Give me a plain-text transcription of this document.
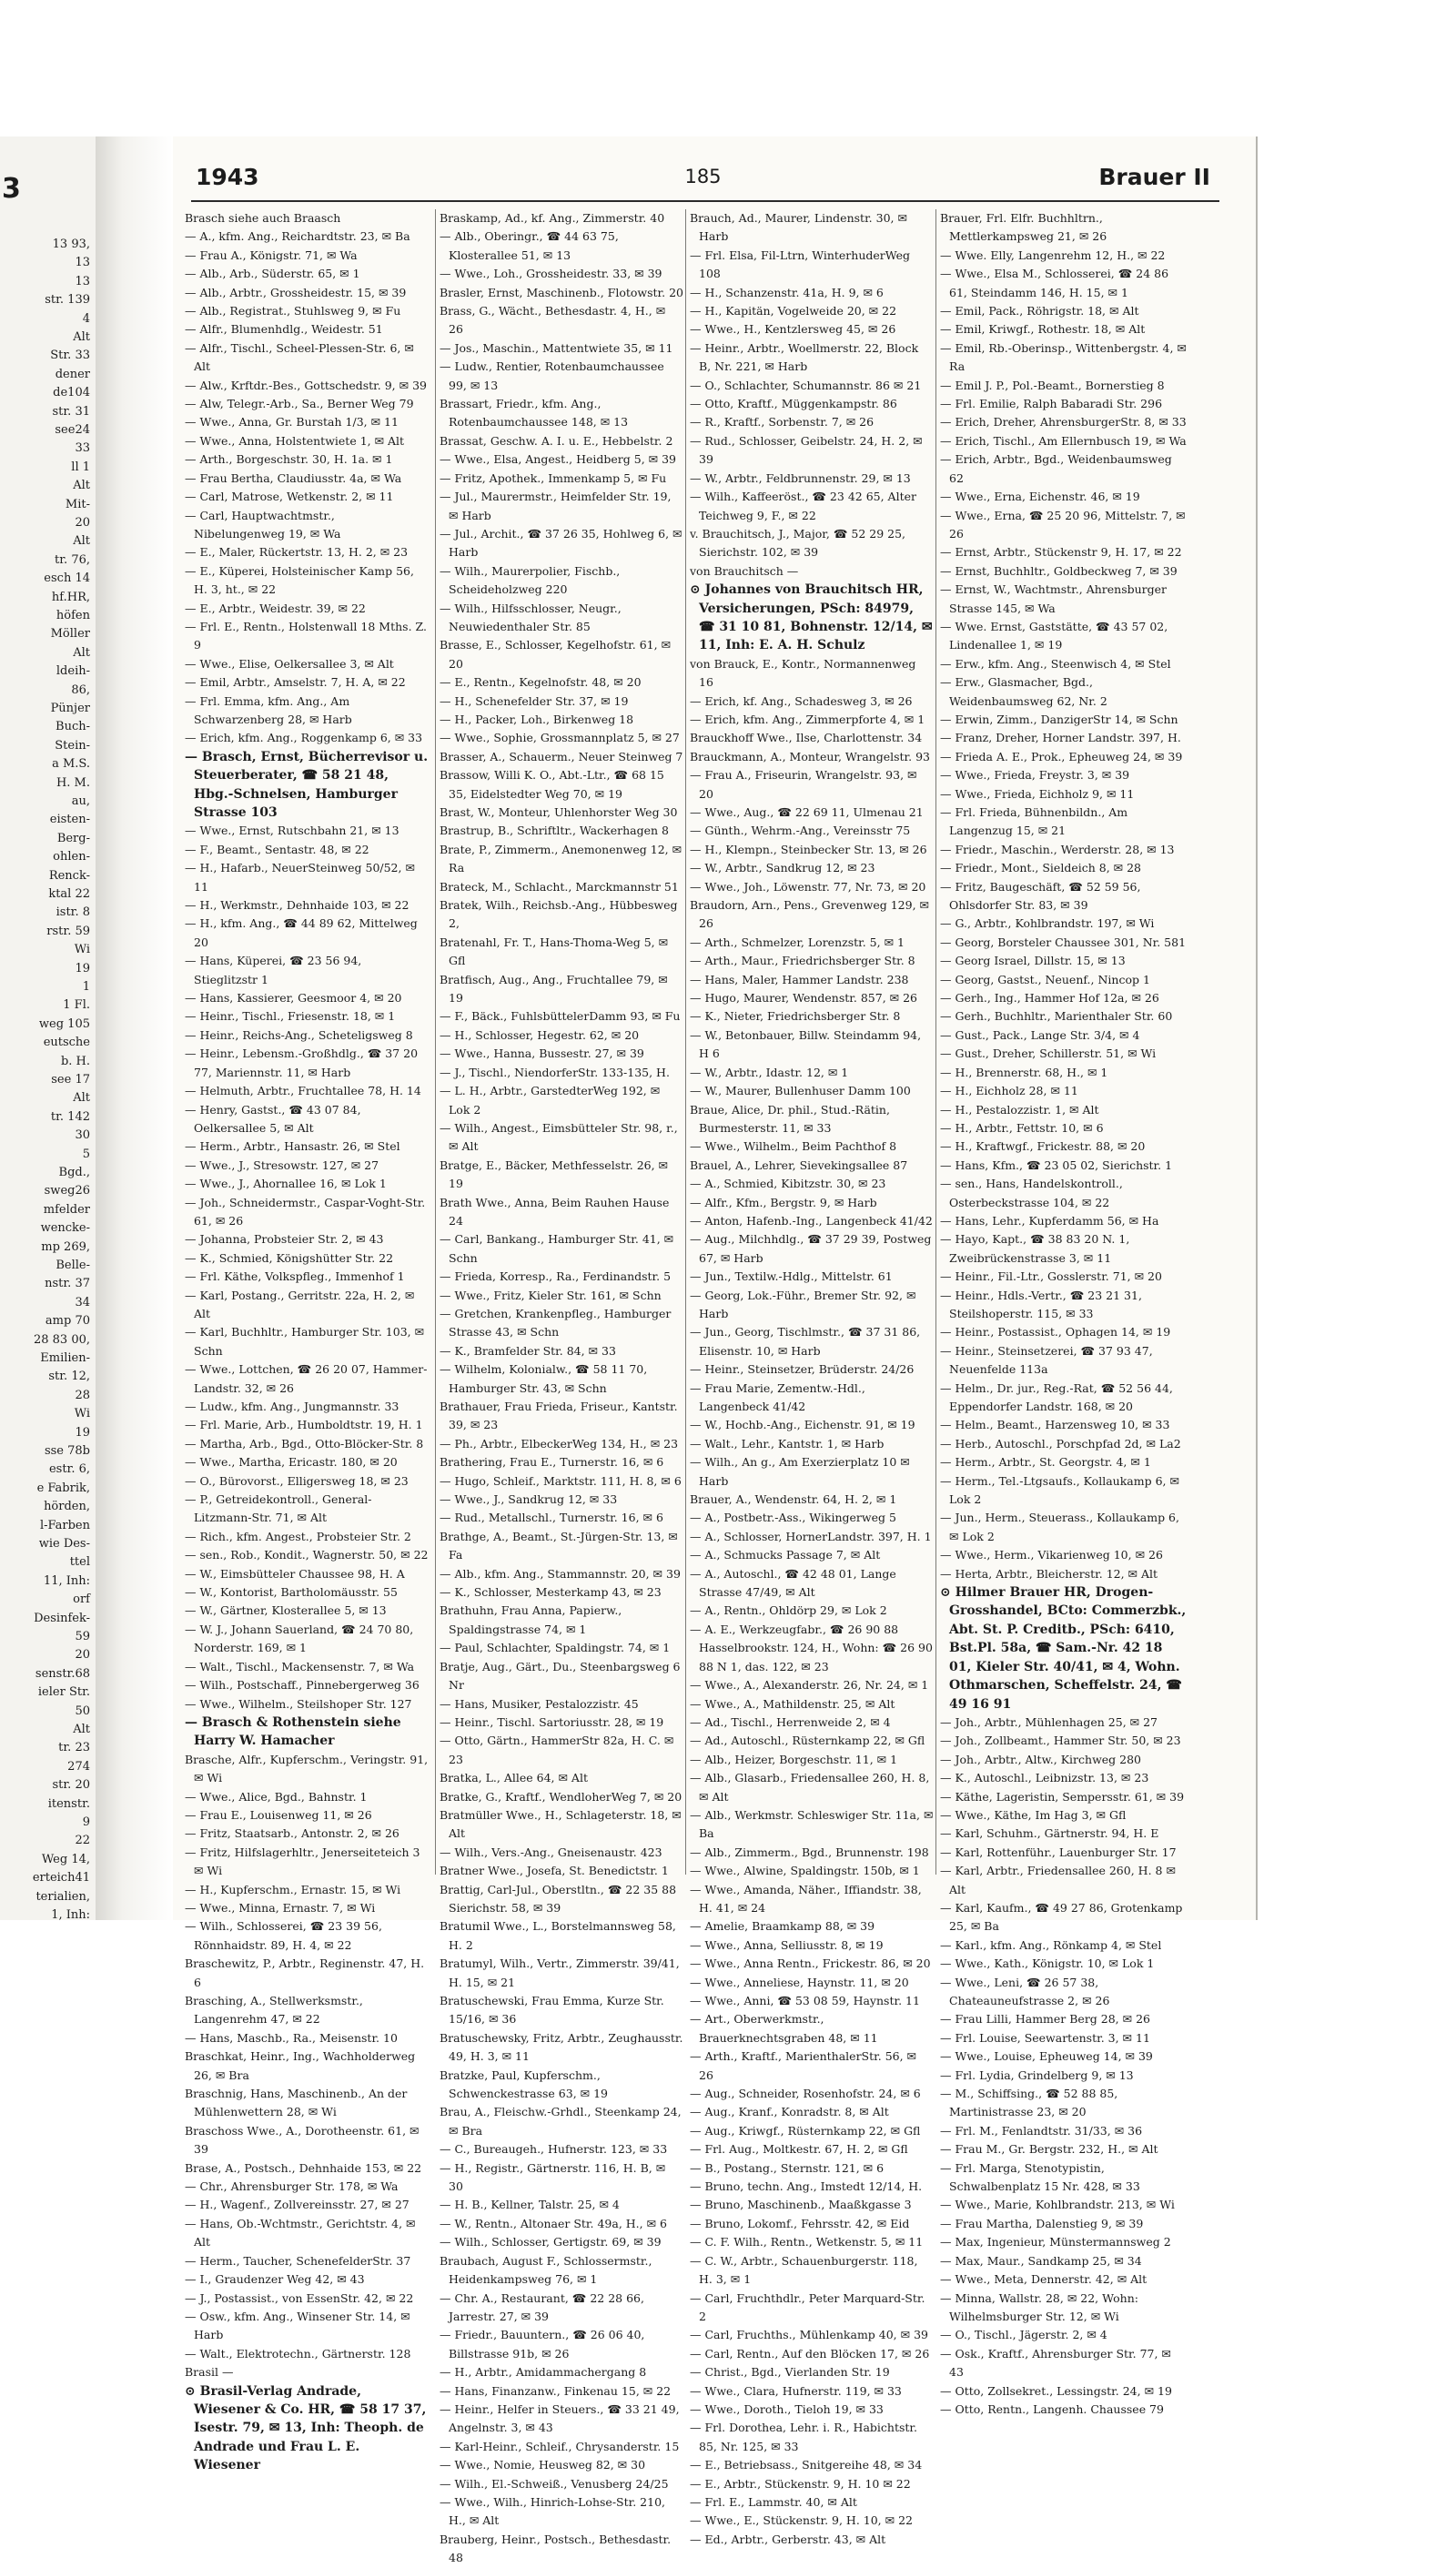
3
13 93,
13
13
str. 139
4
Alt
Str. 33
dener
de104
str. 31
see24
33
ll 1
Alt
Mit-
20
Alt
tr. 76,
esch 14
hf.HR,
höfen
Möller
Alt
ldeih-
86,
Pünjer
Buch-
Stein-
a M.S.
H. M.
au,
eisten-
Berg-
ohlen-
Renck-
ktal 22
istr. 8
rstr. 59
Wi
19
1
1 Fl.
weg 105
eutsche
b. H.
see 17
Alt
tr. 142
30
5
Bgd.,
sweg26
mfelder
wencke-
mp 269,
Belle-
nstr. 37
34
amp 70
28 83 00,
Emilien-
str. 12,
28
Wi
19
sse 78b
estr. 6,
e Fabrik,
hörden,
l-Farben
wie Des-
ttel
11, Inh:
orf
Desinfek-
59
20
senstr.68
ieler Str.
50
Alt
tr. 23
274
str. 20
itenstr.
9
22
Weg 14,
erteich41
terialien,
1, Inh:
1943	185	Brauer II

Brasch siehe auch Braasch

— A., kfm. Ang., Reichardtstr. 23, ✉ Ba

— Frau A., Königstr. 71, ✉ Wa

— Alb., Arb., Süderstr. 65, ✉ 1

— Alb., Arbtr., Grossheidestr. 15, ✉ 39

— Alb., Registrat., Stuhlsweg 9, ✉ Fu

— Alfr., Blumenhdlg., Weidestr. 51

— Alfr., Tischl., Scheel-Plessen-Str. 6, ✉ Alt

— Alw., Krftdr.-Bes., Gottschedstr. 9, ✉ 39

— Alw, Telegr.-Arb., Sa., Berner Weg 79

— Wwe., Anna, Gr. Burstah 1/3, ✉ 11

— Wwe., Anna, Holstentwiete 1, ✉ Alt

— Arth., Borgeschstr. 30, H. 1a. ✉ 1

— Frau Bertha, Claudiusstr. 4a, ✉ Wa

— Carl, Matrose, Wetkenstr. 2, ✉ 11

— Carl, Hauptwachtmstr., Nibelungenweg 19, ✉ Wa

— E., Maler, Rückertstr. 13, H. 2, ✉ 23

— E., Küperei, Holsteinischer Kamp 56, H. 3, ht., ✉ 22

— E., Arbtr., Weidestr. 39, ✉ 22

— Frl. E., Rentn., Holstenwall 18 Mths. Z. 9

— Wwe., Elise, Oelkersallee 3, ✉ Alt

— Emil, Arbtr., Amselstr. 7, H. A, ✉ 22

— Frl. Emma, kfm. Ang., Am Schwarzenberg 28, ✉ Harb

— Erich, kfm. Ang., Roggenkamp 6, ✉ 33

— Brasch, Ernst, Bücherrevisor u. Steuerberater, ☎ 58 21 48, Hbg.-Schnelsen, Hamburger Strasse 103

— Wwe., Ernst, Rutschbahn 21, ✉ 13

— F., Beamt., Sentastr. 48, ✉ 22

— H., Hafarb., NeuerSteinweg 50/52, ✉ 11

— H., Werkmstr., Dehnhaide 103, ✉ 22

— H., kfm. Ang., ☎ 44 89 62, Mittelweg 20

— Hans, Küperei, ☎ 23 56 94, Stieglitzstr 1

— Hans, Kassierer, Geesmoor 4, ✉ 20

— Heinr., Tischl., Friesenstr. 18, ✉ 1

— Heinr., Reichs-Ang., Scheteligsweg 8

— Heinr., Lebensm.-Großhdlg., ☎ 37 20 77, Mariennstr. 11, ✉ Harb

— Helmuth, Arbtr., Fruchtallee 78, H. 14

— Henry, Gastst., ☎ 43 07 84, Oelkersallee 5, ✉ Alt

— Herm., Arbtr., Hansastr. 26, ✉ Stel

— Wwe., J., Stresowstr. 127, ✉ 27

— Wwe., J., Ahornallee 16, ✉ Lok 1

— Joh., Schneidermstr., Caspar-Voght-Str. 61, ✉ 26

— Johanna, Probsteier Str. 2, ✉ 43

— K., Schmied, Königshütter Str. 22

— Frl. Käthe, Volkspfleg., Immenhof 1

— Karl, Postang., Gerritstr. 22a, H. 2, ✉ Alt

— Karl, Buchhltr., Hamburger Str. 103, ✉ Schn

— Wwe., Lottchen, ☎ 26 20 07, Hammer-Landstr. 32, ✉ 26

— Ludw., kfm. Ang., Jungmannstr. 33

— Frl. Marie, Arb., Humboldtstr. 19, H. 1

— Martha, Arb., Bgd., Otto-Blöcker-Str. 8

— Wwe., Martha, Ericastr. 180, ✉ 20

— O., Bürovorst., Elligersweg 18, ✉ 23

— P., Getreidekontroll., General-Litzmann-Str. 71, ✉ Alt

— Rich., kfm. Angest., Probsteier Str. 2

— sen., Rob., Kondit., Wagnerstr. 50, ✉ 22

— W., Eimsbütteler Chaussee 98, H. A

— W., Kontorist, Bartholomäusstr. 55

— W., Gärtner, Klosterallee 5, ✉ 13

— W. J., Johann Sauerland, ☎ 24 70 80, Norderstr. 169, ✉ 1

— Walt., Tischl., Mackensenstr. 7, ✉ Wa

— Wilh., Postschaff., Pinnebergerweg 36

— Wwe., Wilhelm., Steilshoper Str. 127

— Brasch & Rothenstein siehe Harry W. Hamacher

Brasche, Alfr., Kupferschm., Veringstr. 91, ✉ Wi

— Wwe., Alice, Bgd., Bahnstr. 1

— Frau E., Louisenweg 11, ✉ 26

— Fritz, Staatsarb., Antonstr. 2, ✉ 26

— Fritz, Hilfslagerhltr., Jenerseiteteich 3 ✉ Wi

— H., Kupferschm., Ernastr. 15, ✉ Wi

— Wwe., Minna, Ernastr. 7, ✉ Wi

— Wilh., Schlosserei, ☎ 23 39 56, Rönnhaidstr. 89, H. 4, ✉ 22

Braschewitz, P., Arbtr., Reginenstr. 47, H. 6

Brasching, A., Stellwerksmstr., Langenrehm 47, ✉ 22

— Hans, Maschb., Ra., Meisenstr. 10

Braschkat, Heinr., Ing., Wachholderweg 26, ✉ Bra

Braschnig, Hans, Maschinenb., An der Mühlenwettern 28, ✉ Wi

Braschoss Wwe., A., Dorotheenstr. 61, ✉ 39

Brase, A., Postsch., Dehnhaide 153, ✉ 22

— Chr., Ahrensburger Str. 178, ✉ Wa

— H., Wagenf., Zollvereinsstr. 27, ✉ 27

— Hans, Ob.-Wchtmstr., Gerichtstr. 4, ✉ Alt

— Herm., Taucher, SchenefelderStr. 37

— I., Graudenzer Weg 42, ✉ 43

— J., Postassist., von EssenStr. 42, ✉ 22

— Osw., kfm. Ang., Winsener Str. 14, ✉ Harb

— Walt., Elektrotechn., Gärtnerstr. 128

Brasil —

⊙ Brasil-Verlag Andrade, Wiesener & Co. HR, ☎ 58 17 37, Isestr. 79, ✉ 13, Inh: Theoph. de Andrade und Frau L. E. Wiesener

Braskamp, Ad., kf. Ang., Zimmerstr. 40

— Alb., Oberingr., ☎ 44 63 75, Klosterallee 51, ✉ 13

— Wwe., Loh., Grossheidestr. 33, ✉ 39

Brasler, Ernst, Maschinenb., Flotowstr. 20

Brass, G., Wächt., Bethesdastr. 4, H., ✉ 26

— Jos., Maschin., Mattentwiete 35, ✉ 11

— Ludw., Rentier, Rotenbaumchaussee 99, ✉ 13

Brassart, Friedr., kfm. Ang., Rotenbaumchaussee 148, ✉ 13

Brassat, Geschw. A. I. u. E., Hebbelstr. 2

— Wwe., Elsa, Angest., Heidberg 5, ✉ 39

— Fritz, Apothek., Immenkamp 5, ✉ Fu

— Jul., Maurermstr., Heimfelder Str. 19, ✉ Harb

— Jul., Archit., ☎ 37 26 35, Hohlweg 6, ✉ Harb

— Wilh., Maurerpolier, Fischb., Scheideholzweg 220

— Wilh., Hilfsschlosser, Neugr., Neuwiedenthaler Str. 85

Brasse, E., Schlosser, Kegelhofstr. 61, ✉ 20

— E., Rentn., Kegelnofstr. 48, ✉ 20

— H., Schenefelder Str. 37, ✉ 19

— H., Packer, Loh., Birkenweg 18

— Wwe., Sophie, Grossmannplatz 5, ✉ 27

Brasser, A., Schauerm., Neuer Steinweg 7

Brassow, Willi K. O., Abt.-Ltr., ☎ 68 15 35, Eidelstedter Weg 70, ✉ 19

Brast, W., Monteur, Uhlenhorster Weg 30

Brastrup, B., Schriftltr., Wackerhagen 8

Brate, P., Zimmerm., Anemonenweg 12, ✉ Ra

Brateck, M., Schlacht., Marckmannstr 51

Bratek, Wilh., Reichsb.-Ang., Hübbesweg 2,

Bratenahl, Fr. T., Hans-Thoma-Weg 5, ✉ Gfl

Bratfisch, Aug., Ang., Fruchtallee 79, ✉ 19

— F., Bäck., FuhlsbüttelerDamm 93, ✉ Fu

— H., Schlosser, Hegestr. 62, ✉ 20

— Wwe., Hanna, Bussestr. 27, ✉ 39

— J., Tischl., NiendorferStr. 133-135, H.

— L. H., Arbtr., GarstedterWeg 192, ✉ Lok 2

— Wilh., Angest., Eimsbütteler Str. 98, r., ✉ Alt

Bratge, E., Bäcker, Methfesselstr. 26, ✉ 19

Brath Wwe., Anna, Beim Rauhen Hause 24

— Carl, Bankang., Hamburger Str. 41, ✉ Schn

— Frieda, Korresp., Ra., Ferdinandstr. 5

— Wwe., Fritz, Kieler Str. 161, ✉ Schn

— Gretchen, Krankenpfleg., Hamburger Strasse 43, ✉ Schn

— K., Bramfelder Str. 84, ✉ 33

— Wilhelm, Kolonialw., ☎ 58 11 70, Hamburger Str. 43, ✉ Schn

Brathauer, Frau Frieda, Friseur., Kantstr. 39, ✉ 23

— Ph., Arbtr., ElbeckerWeg 134, H., ✉ 23

Brathering, Frau E., Turnerstr. 16, ✉ 6

— Hugo, Schleif., Marktstr. 111, H. 8, ✉ 6

— Wwe., J., Sandkrug 12, ✉ 33

— Rud., Metallschl., Turnerstr. 16, ✉ 6

Brathge, A., Beamt., St.-Jürgen-Str. 13, ✉ Fa

— Alb., kfm. Ang., Stammannstr. 20, ✉ 39

— K., Schlosser, Mesterkamp 43, ✉ 23

Brathuhn, Frau Anna, Papierw., Spaldingstrasse 74, ✉ 1

— Paul, Schlachter, Spaldingstr. 74, ✉ 1

Bratje, Aug., Gärt., Du., Steenbargsweg 6 Nr

— Hans, Musiker, Pestalozzistr. 45

— Heinr., Tischl. Sartoriusstr. 28, ✉ 19

— Otto, Gärtn., HammerStr 82a, H. C. ✉ 23

Bratka, L., Allee 64, ✉ Alt

Bratke, G., Kraftf., WendloherWeg 7, ✉ 20

Bratmüller Wwe., H., Schlageterstr. 18, ✉ Alt

— Wilh., Vers.-Ang., Gneisenaustr. 423

Bratner Wwe., Josefa, St. Benedictstr. 1

Brattig, Carl-Jul., Oberstltn., ☎ 22 35 88 Sierichstr. 58, ✉ 39

Bratumil Wwe., L., Borstelmannsweg 58, H. 2

Bratumyl, Wilh., Vertr., Zimmerstr. 39/41, H. 15, ✉ 21

Bratuschewski, Frau Emma, Kurze Str. 15/16, ✉ 36

Bratuschewsky, Fritz, Arbtr., Zeughausstr. 49, H. 3, ✉ 11

Bratzke, Paul, Kupferschm., Schwenckestrasse 63, ✉ 19

Brau, A., Fleischw.-Grhdl., Steenkamp 24, ✉ Bra

— C., Bureaugeh., Hufnerstr. 123, ✉ 33

— H., Registr., Gärtnerstr. 116, H. B, ✉ 30

— H. B., Kellner, Talstr. 25, ✉ 4

— W., Rentn., Altonaer Str. 49a, H., ✉ 6

— Wilh., Schlosser, Gertigstr. 69, ✉ 39

Braubach, August F., Schlossermstr., Heidenkampsweg 76, ✉ 1

— Chr. A., Restaurant, ☎ 22 28 66, Jarrestr. 27, ✉ 39

— Friedr., Bauuntern., ☎ 26 06 40, Billstrasse 91b, ✉ 26

— H., Arbtr., Amidammachergang 8

— Hans, Finanzanw., Finkenau 15, ✉ 22

— Heinr., Helfer in Steuers., ☎ 33 21 49, Angelnstr. 3, ✉ 43

— Karl-Heinr., Schleif., Chrysanderstr. 15

— Wwe., Nomie, Heusweg 82, ✉ 30

— Wilh., El.-Schweiß., Venusberg 24/25

— Wwe., Wilh., Hinrich-Lohse-Str. 210, H., ✉ Alt

Brauberg, Heinr., Postsch., Bethesdastr. 48

Brauch, Ad., Maurer, Lindenstr. 30, ✉ Harb

— Frl. Elsa, Fil-Ltrn, WinterhuderWeg 108

— H., Schanzenstr. 41a, H. 9, ✉ 6

— H., Kapitän, Vogelweide 20, ✉ 22

— Wwe., H., Kentzlersweg 45, ✉ 26

— Heinr., Arbtr., Woellmerstr. 22, Block B, Nr. 221, ✉ Harb

— O., Schlachter, Schumannstr. 86 ✉ 21

— Otto, Kraftf., Müggenkampstr. 86

— R., Kraftf., Sorbenstr. 7, ✉ 26

— Rud., Schlosser, Geibelstr. 24, H. 2, ✉ 39

— W., Arbtr., Feldbrunnenstr. 29, ✉ 13

— Wilh., Kaffeeröst., ☎ 23 42 65, Alter Teichweg 9, F., ✉ 22

v. Brauchitsch, J., Major, ☎ 52 29 25, Sierichstr. 102, ✉ 39

von Brauchitsch —

⊙ Johannes von Brauchitsch HR, Versicherungen, PSch: 84979, ☎ 31 10 81, Bohnenstr. 12/14, ✉ 11, Inh: E. A. H. Schulz

von Brauck, E., Kontr., Normannenweg 16

— Erich, kf. Ang., Schadesweg 3, ✉ 26

— Erich, kfm. Ang., Zimmerpforte 4, ✉ 1

Brauckhoff Wwe., Ilse, Charlottenstr. 34

Brauckmann, A., Monteur, Wrangelstr. 93

— Frau A., Friseurin, Wrangelstr. 93, ✉ 20

— Wwe., Aug., ☎ 22 69 11, Ulmenau 21

— Günth., Wehrm.-Ang., Vereinsstr 75

— H., Klempn., Steinbecker Str. 13, ✉ 26

— W., Arbtr., Sandkrug 12, ✉ 23

— Wwe., Joh., Löwenstr. 77, Nr. 73, ✉ 20

Braudorn, Arn., Pens., Grevenweg 129, ✉ 26

— Arth., Schmelzer, Lorenzstr. 5, ✉ 1

— Arth., Maur., Friedrichsberger Str. 8

— Hans, Maler, Hammer Landstr. 238

— Hugo, Maurer, Wendenstr. 857, ✉ 26

— K., Nieter, Friedrichsberger Str. 8

— W., Betonbauer, Billw. Steindamm 94, H 6

— W., Arbtr., Idastr. 12, ✉ 1

— W., Maurer, Bullenhuser Damm 100

Braue, Alice, Dr. phil., Stud.-Rätin, Burmesterstr. 11, ✉ 33

— Wwe., Wilhelm., Beim Pachthof 8

Brauel, A., Lehrer, Sievekingsallee 87

— A., Schmied, Kibitzstr. 30, ✉ 23

— Alfr., Kfm., Bergstr. 9, ✉ Harb

— Anton, Hafenb.-Ing., Langenbeck 41/42

— Aug., Milchhdlg., ☎ 37 29 39, Postweg 67, ✉ Harb

— Jun., Textilw.-Hdlg., Mittelstr. 61

— Georg, Lok.-Führ., Bremer Str. 92, ✉ Harb

— Jun., Georg, Tischlmstr., ☎ 37 31 86, Elisenstr. 10, ✉ Harb

— Heinr., Steinsetzer, Brüderstr. 24/26

— Frau Marie, Zementw.-Hdl., Langenbeck 41/42

— W., Hochb.-Ang., Eichenstr. 91, ✉ 19

— Walt., Lehr., Kantstr. 1, ✉ Harb

— Wilh., An g., Am Exerzierplatz 10 ✉ Harb

Brauer, A., Wendenstr. 64, H. 2, ✉ 1

— A., Postbetr.-Ass., Wikingerweg 5

— A., Schlosser, HornerLandstr. 397, H. 1

— A., Schmucks Passage 7, ✉ Alt

— A., Autoschl., ☎ 42 48 01, Lange Strasse 47/49, ✉ Alt

— A., Rentn., Ohldörp 29, ✉ Lok 2

— A. E., Werkzeugfabr., ☎ 26 90 88 Hasselbrookstr. 124, H., Wohn: ☎ 26 90 88 N 1, das. 122, ✉ 23

— Wwe., A., Alexanderstr. 26, Nr. 24, ✉ 1

— Wwe., A., Mathildenstr. 25, ✉ Alt

— Ad., Tischl., Herrenweide 2, ✉ 4

— Ad., Autoschl., Rüsternkamp 22, ✉ Gfl

— Alb., Heizer, Borgeschstr. 11, ✉ 1

— Alb., Glasarb., Friedensallee 260, H. 8, ✉ Alt

— Alb., Werkmstr. Schleswiger Str. 11a, ✉ Ba

— Alb., Zimmerm., Bgd., Brunnenstr. 198

— Wwe., Alwine, Spaldingstr. 150b, ✉ 1

— Wwe., Amanda, Näher., Iffiandstr. 38, H. 41, ✉ 24

— Amelie, Braamkamp 88, ✉ 39

— Wwe., Anna, Selliusstr. 8, ✉ 19

— Wwe., Anna Rentn., Frickestr. 86, ✉ 20

— Wwe., Anneliese, Haynstr. 11, ✉ 20

— Wwe., Anni, ☎ 53 08 59, Haynstr. 11

— Art., Oberwerkmstr., Brauerknechtsgraben 48, ✉ 11

— Arth., Kraftf., MarienthalerStr. 56, ✉ 26

— Aug., Schneider, Rosenhofstr. 24, ✉ 6

— Aug., Kranf., Konradstr. 8, ✉ Alt

— Aug., Kriwgf., Rüsternkamp 22, ✉ Gfl

— Frl. Aug., Moltkestr. 67, H. 2, ✉ Gfl

— B., Postang., Sternstr. 121, ✉ 6

— Bruno, techn. Ang., Imstedt 12/14, H.

— Bruno, Maschinenb., Maaßkgasse 3

— Bruno, Lokomf., Fehrsstr. 42, ✉ Eid

— C. F. Wilh., Rentn., Wetkenstr. 5, ✉ 11

— C. W., Arbtr., Schauenburgerstr. 118, H. 3, ✉ 1

— Carl, Fruchthdlr., Peter Marquard-Str. 2

— Carl, Fruchths., Mühlenkamp 40, ✉ 39

— Carl, Rentn., Auf den Blöcken 17, ✉ 26

— Christ., Bgd., Vierlanden Str. 19

— Wwe., Clara, Hufnerstr. 119, ✉ 33

— Wwe., Doroth., Tieloh 19, ✉ 33

— Frl. Dorothea, Lehr. i. R., Habichtstr. 85, Nr. 125, ✉ 33

— E., Betriebsass., Snitgereihe 48, ✉ 34

— E., Arbtr., Stückenstr. 9, H. 10 ✉ 22

— Frl. E., Lammstr. 40, ✉ Alt

— Wwe., E., Stückenstr. 9, H. 10, ✉ 22

— Ed., Arbtr., Gerberstr. 43, ✉ Alt

Brauer, Frl. Elfr. Buchhltrn., Mettlerkampsweg 21, ✉ 26

— Wwe. Elly, Langenrehm 12, H., ✉ 22

— Wwe., Elsa M., Schlosserei, ☎ 24 86 61, Steindamm 146, H. 15, ✉ 1

— Emil, Pack., Röhrigstr. 18, ✉ Alt

— Emil, Kriwgf., Rothestr. 18, ✉ Alt

— Emil, Rb.-Oberinsp., Wittenbergstr. 4, ✉ Ra

— Emil J. P., Pol.-Beamt., Bornerstieg 8

— Frl. Emilie, Ralph Babaradi Str. 296

— Erich, Dreher, AhrensburgerStr. 8, ✉ 33

— Erich, Tischl., Am Ellernbusch 19, ✉ Wa

— Erich, Arbtr., Bgd., Weidenbaumsweg 62

— Wwe., Erna, Eichenstr. 46, ✉ 19

— Wwe., Erna, ☎ 25 20 96, Mittelstr. 7, ✉ 26

— Ernst, Arbtr., Stückenstr 9, H. 17, ✉ 22

— Ernst, Buchhltr., Goldbeckweg 7, ✉ 39

— Ernst, W., Wachtmstr., Ahrensburger Strasse 145, ✉ Wa

— Wwe. Ernst, Gaststätte, ☎ 43 57 02, Lindenallee 1, ✉ 19

— Erw., kfm. Ang., Steenwisch 4, ✉ Stel

— Erw., Glasmacher, Bgd., Weidenbaumsweg 62, Nr. 2

— Erwin, Zimm., DanzigerStr 14, ✉ Schn

— Franz, Dreher, Horner Landstr. 397, H.

— Frieda A. E., Prok., Epheuweg 24, ✉ 39

— Wwe., Frieda, Freystr. 3, ✉ 39

— Wwe., Frieda, Eichholz 9, ✉ 11

— Frl. Frieda, Bühnenbildn., Am Langenzug 15, ✉ 21

— Friedr., Maschin., Werderstr. 28, ✉ 13

— Friedr., Mont., Sieldeich 8, ✉ 28

— Fritz, Baugeschäft, ☎ 52 59 56, Ohlsdorfer Str. 83, ✉ 39

— G., Arbtr., Kohlbrandstr. 197, ✉ Wi

— Georg, Borsteler Chaussee 301, Nr. 581

— Georg Israel, Dillstr. 15, ✉ 13

— Georg, Gastst., Neuenf., Nincop 1

— Gerh., Ing., Hammer Hof 12a, ✉ 26

— Gerh., Buchhltr., Marienthaler Str. 60

— Gust., Pack., Lange Str. 3/4, ✉ 4

— Gust., Dreher, Schillerstr. 51, ✉ Wi

— H., Brennerstr. 68, H., ✉ 1

— H., Eichholz 28, ✉ 11

— H., Pestalozzistr. 1, ✉ Alt

— H., Arbtr., Fettstr. 10, ✉ 6

— H., Kraftwgf., Frickestr. 88, ✉ 20

— Hans, Kfm., ☎ 23 05 02, Sierichstr. 1

— sen., Hans, Handelskontroll., Osterbeckstrasse 104, ✉ 22

— Hans, Lehr., Kupferdamm 56, ✉ Ha

— Hayo, Kapt., ☎ 38 83 20 N. 1, Zweibrückenstrasse 3, ✉ 11

— Heinr., Fil.-Ltr., Gosslerstr. 71, ✉ 20

— Heinr., Hdls.-Vertr., ☎ 23 21 31, Steilshoperstr. 115, ✉ 33

— Heinr., Postassist., Ophagen 14, ✉ 19

— Heinr., Steinsetzerei, ☎ 37 93 47, Neuenfelde 113a

— Helm., Dr. jur., Reg.-Rat, ☎ 52 56 44, Eppendorfer Landstr. 168, ✉ 20

— Helm., Beamt., Harzensweg 10, ✉ 33

— Herb., Autoschl., Porschpfad 2d, ✉ La2

— Herm., Arbtr., St. Georgstr. 4, ✉ 1

— Herm., Tel.-Ltgsaufs., Kollaukamp 6, ✉ Lok 2

— Jun., Herm., Steuerass., Kollaukamp 6, ✉ Lok 2

— Wwe., Herm., Vikarienweg 10, ✉ 26

— Herta, Arbtr., Bleicherstr. 12, ✉ Alt

⊙ Hilmer Brauer HR, Drogen-Grosshandel, BCto: Commerzbk., Abt. St. P. Creditb., PSch: 6410, Bst.Pl. 58a, ☎ Sam.-Nr. 42 18 01, Kieler Str. 40/41, ✉ 4, Wohn. Othmarschen, Scheffelstr. 24, ☎ 49 16 91

— Joh., Arbtr., Mühlenhagen 25, ✉ 27

— Joh., Zollbeamt., Hammer Str. 50, ✉ 23

— Joh., Arbtr., Altw., Kirchweg 280

— K., Autoschl., Leibnizstr. 13, ✉ 23

— Käthe, Lageristin, Sempersstr. 61, ✉ 39

— Wwe., Käthe, Im Hag 3, ✉ Gfl

— Karl, Schuhm., Gärtnerstr. 94, H. E

— Karl, Rottenführ., Lauenburger Str. 17

— Karl, Arbtr., Friedensallee 260, H. 8 ✉ Alt

— Karl, Kaufm., ☎ 49 27 86, Grotenkamp 25, ✉ Ba

— Karl., kfm. Ang., Rönkamp 4, ✉ Stel

— Wwe., Kath., Königstr. 10, ✉ Lok 1

— Wwe., Leni, ☎ 26 57 38, Chateauneufstrasse 2, ✉ 26

— Frau Lilli, Hammer Berg 28, ✉ 26

— Frl. Louise, Seewartenstr. 3, ✉ 11

— Wwe., Louise, Epheuweg 14, ✉ 39

— Frl. Lydia, Grindelberg 9, ✉ 13

— M., Schiffsing., ☎ 52 88 85, Martinistrasse 23, ✉ 20

— Frl. M., Fenlandtstr. 31/33, ✉ 36

— Frau M., Gr. Bergstr. 232, H., ✉ Alt

— Frl. Marga, Stenotypistin, Schwalbenplatz 15 Nr. 428, ✉ 33

— Wwe., Marie, Kohlbrandstr. 213, ✉ Wi

— Frau Martha, Dalenstieg 9, ✉ 39

— Max, Ingenieur, Münstermannsweg 2

— Max, Maur., Sandkamp 25, ✉ 34

— Wwe., Meta, Dennerstr. 42, ✉ Alt

— Minna, Wallstr. 28, ✉ 22, Wohn: Wilhelmsburger Str. 12, ✉ Wi

— O., Tischl., Jägerstr. 2, ✉ 4

— Osk., Kraftf., Ahrensburger Str. 77, ✉ 43

— Otto, Zollsekret., Lessingstr. 24, ✉ 19

— Otto, Rentn., Langenh. Chaussee 79
